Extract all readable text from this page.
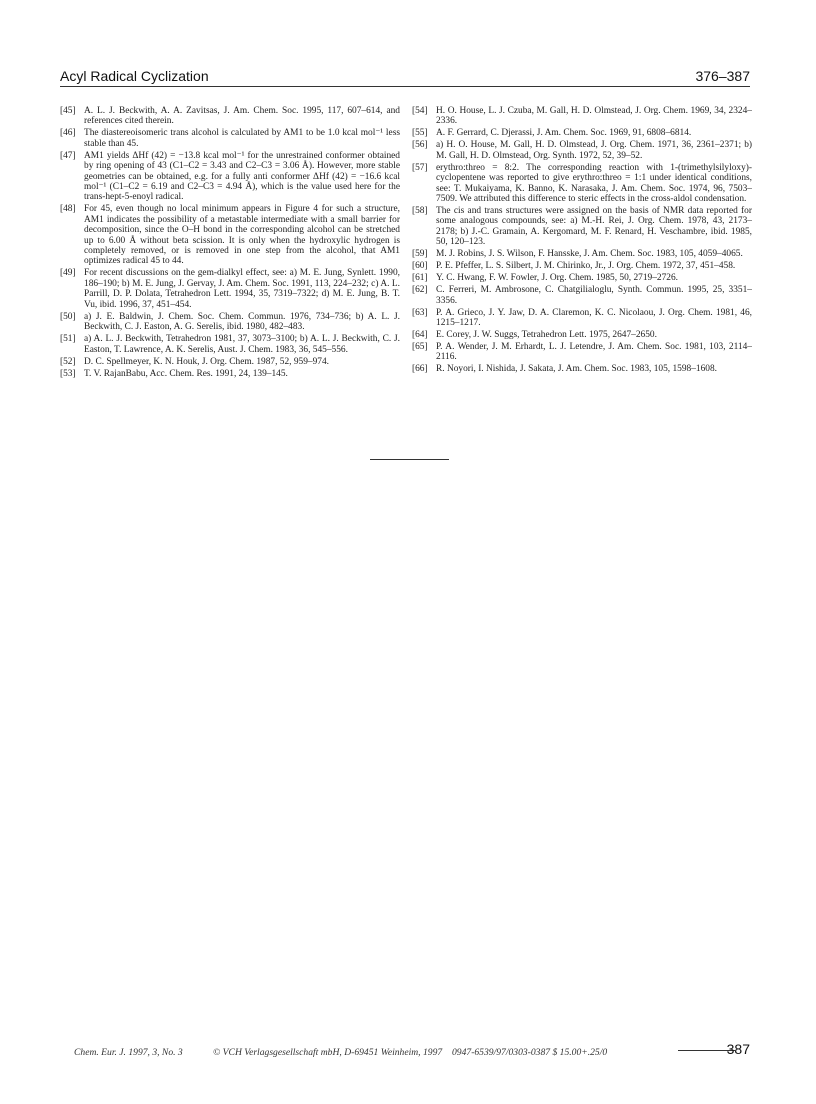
Acyl Radical Cyclization	376–387
[45] A. L. J. Beckwith, A. A. Zavitsas, J. Am. Chem. Soc. 1995, 117, 607–614, and references cited therein.
[46] The diastereoisomeric trans alcohol is calculated by AM1 to be 1.0 kcal mol⁻¹ less stable than 45.
[47] AM1 yields ΔHf (42) = −13.8 kcal mol⁻¹ for the unrestrained conformer obtained by ring opening of 43 (C1–C2 = 3.43 and C2–C3 = 3.06 Å). However, more stable geometries can be obtained, e.g. for a fully anti conformer ΔHf (42) = −16.6 kcal mol⁻¹ (C1–C2 = 6.19 and C2–C3 = 4.94 Å), which is the value used here for the trans-hept-5-enoyl radical.
[48] For 45, even though no local minimum appears in Figure 4 for such a structure, AM1 indicates the possibility of a metastable intermediate with a small barrier for decomposition, since the O–H bond in the corresponding alcohol can be stretched up to 6.00 Å without beta scission. It is only when the hydroxylic hydrogen is completely removed, or is removed in one step from the alcohol, that AM1 optimizes radical 45 to 44.
[49] For recent discussions on the gem-dialkyl effect, see: a) M. E. Jung, Synlett. 1990, 186–190; b) M. E. Jung, J. Gervay, J. Am. Chem. Soc. 1991, 113, 224–232; c) A. L. Parrill, D. P. Dolata, Tetrahedron Lett. 1994, 35, 7319–7322; d) M. E. Jung, B. T. Vu, ibid. 1996, 37, 451–454.
[50] a) J. E. Baldwin, J. Chem. Soc. Chem. Commun. 1976, 734–736; b) A. L. J. Beckwith, C. J. Easton, A. G. Serelis, ibid. 1980, 482–483.
[51] a) A. L. J. Beckwith, Tetrahedron 1981, 37, 3073–3100; b) A. L. J. Beckwith, C. J. Easton, T. Lawrence, A. K. Serelis, Aust. J. Chem. 1983, 36, 545–556.
[52] D. C. Spellmeyer, K. N. Houk, J. Org. Chem. 1987, 52, 959–974.
[53] T. V. RajanBabu, Acc. Chem. Res. 1991, 24, 139–145.
[54] H. O. House, L. J. Czuba, M. Gall, H. D. Olmstead, J. Org. Chem. 1969, 34, 2324–2336.
[55] A. F. Gerrard, C. Djerassi, J. Am. Chem. Soc. 1969, 91, 6808–6814.
[56] a) H. O. House, M. Gall, H. D. Olmstead, J. Org. Chem. 1971, 36, 2361–2371; b) M. Gall, H. D. Olmstead, Org. Synth. 1972, 52, 39–52.
[57] erythro:threo = 8:2. The corresponding reaction with 1-(trimethylsilyloxy)-cyclopentene was reported to give erythro:threo = 1:1 under identical conditions, see: T. Mukaiyama, K. Banno, K. Narasaka, J. Am. Chem. Soc. 1974, 96, 7503–7509. We attributed this difference to steric effects in the cross-aldol condensation.
[58] The cis and trans structures were assigned on the basis of NMR data reported for some analogous compounds, see: a) M.-H. Rei, J. Org. Chem. 1978, 43, 2173–2178; b) J.-C. Gramain, A. Kergomard, M. F. Renard, H. Veschambre, ibid. 1985, 50, 120–123.
[59] M. J. Robins, J. S. Wilson, F. Hansske, J. Am. Chem. Soc. 1983, 105, 4059–4065.
[60] P. E. Pfeffer, L. S. Silbert, J. M. Chirinko, Jr., J. Org. Chem. 1972, 37, 451–458.
[61] Y. C. Hwang, F. W. Fowler, J. Org. Chem. 1985, 50, 2719–2726.
[62] C. Ferreri, M. Ambrosone, C. Chatgilialoglu, Synth. Commun. 1995, 25, 3351–3356.
[63] P. A. Grieco, J. Y. Jaw, D. A. Claremon, K. C. Nicolaou, J. Org. Chem. 1981, 46, 1215–1217.
[64] E. Corey, J. W. Suggs, Tetrahedron Lett. 1975, 2647–2650.
[65] P. A. Wender, J. M. Erhardt, L. J. Letendre, J. Am. Chem. Soc. 1981, 103, 2114–2116.
[66] R. Noyori, I. Nishida, J. Sakata, J. Am. Chem. Soc. 1983, 105, 1598–1608.
Chem. Eur. J. 1997, 3, No. 3	© VCH Verlagsgesellschaft mbH, D-69451 Weinheim, 1997 0947-6539/97/0303-0387 $ 15.00+.25/0	387
